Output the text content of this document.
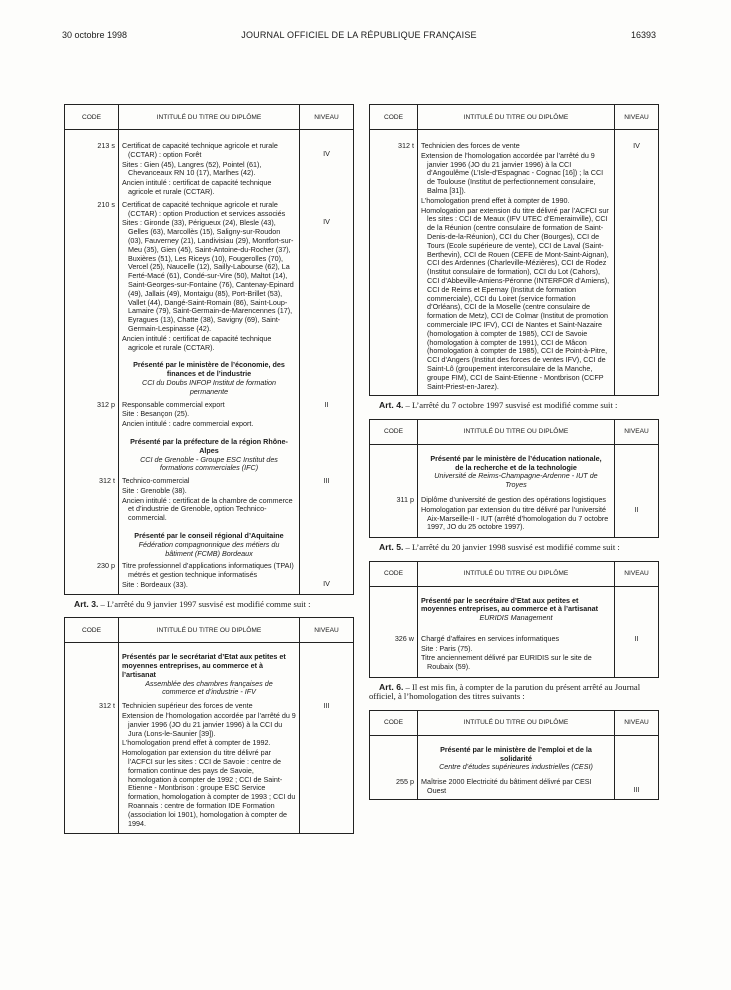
30 octobre 1998	JOURNAL OFFICIEL DE LA RÉPUBLIQUE FRANÇAISE	16393
CODE	INTITULÉ DU TITRE OU DIPLÔME	NIVEAU
213 s	Certificat de capacité technique agricole et rurale (CCTAR) : option Forêt
Sites : Gien (45), Langres (52), Pointel (61), Chevanceaux RN 10 (17), Marlhes (42).
Ancien intitulé : certificat de capacité technique agricole et rurale (CCTAR).	IV
210 s	Certificat de capacité technique agricole et rurale (CCTAR) : option Production et services associés
Sites : Gironde (33), Périgueux (24), Blesle (43), Gelles (63), Marcollès (15), Saligny-sur-Roudon (03), Fauverney (21), Landivisiau (29), Montfort-sur-Meu (35), Gien (45), Saint-Antoine-du-Rocher (37), Buxières (51), Les Riceys (10), Fougerolles (70), Vercel (25), Naucelle (12), Sailly-Labourse (62), La Ferté-Macé (61), Condé-sur-Vire (50), Maltot (14), Saint-Georges-sur-Fontaine (76), Cantenay-Epinard (49), Jallais (49), Montaigu (85), Port-Brillet (53), Vallet (44), Dangé-Saint-Romain (86), Saint-Loup-Lamaire (79), Saint-Germain-de-Marencennes (17), Eyragues (13), Chatte (38), Savigny (69), Saint-Germain-Lespinasse (42).
Ancien intitulé : certificat de capacité technique agricole et rurale (CCTAR).	IV

	Présenté par le ministère de l’économie, des finances et de l’industrie
CCI du Doubs INFOP Institut de formation permanente	

312 p	Responsable commercial export
Site : Besançon (25).
Ancien intitulé : cadre commercial export.	II

	Présenté par la préfecture de la région Rhône-Alpes
CCI de Grenoble - Groupe ESC Institut des formations commerciales (IFC)	

312 t	Technico-commercial
Site : Grenoble (38).
Ancien intitulé : certificat de la chambre de commerce et d’industrie de Grenoble, option Technico-commercial.	III

	Présenté par le conseil régional d’Aquitaine
Fédération compagnonnique des métiers du bâtiment (FCMB) Bordeaux	

230 p	Titre professionnel d’applications informatiques (TPAI) métrés et gestion technique informatisés
Site : Bordeaux (33).	IV

Art. 3. – L’arrêté du 9 janvier 1997 susvisé est modifié comme suit :

CODE	INTITULÉ DU TITRE OU DIPLÔME	NIVEAU

	Présentés par le secrétariat d’Etat aux petites et moyennes entreprises, au commerce et à l’artisanat
Assemblée des chambres françaises de commerce et d’industrie - IFV	

312 t	Technicien supérieur des forces de vente
Extension de l’homologation accordée par l’arrêté du 9 janvier 1996 (JO du 21 janvier 1996) à la CCI du Jura (Lons-le-Saunier [39]).
L’homologation prend effet à compter de 1992.
Homologation par extension du titre délivré par l’ACFCI sur les sites : CCI de Savoie : centre de formation continue des pays de Savoie, homologation à compter de 1992 ; CCI de Saint-Etienne - Montbrison : groupe ESC Service formation, homologation à compter de 1993 ; CCI du Roannais : centre de formation IDE Formation (association loi 1901), homologation à compter de 1994.	III
CODE	INTITULÉ DU TITRE OU DIPLÔME	NIVEAU
312 t	Technicien des forces de vente
Extension de l’homologation accordée par l’arrêté du 9 janvier 1996 (JO du 21 janvier 1996) à la CCI d’Angoulême (L’Isle-d’Espagnac - Cognac [16]) ; la CCI de Toulouse (Institut de perfectionnement consulaire, Balma [31]).
L’homologation prend effet à compter de 1990.
Homologation par extension du titre délivré par l’ACFCI sur les sites : CCI de Meaux (IFV UTEC d’Emerainville), CCI de la Réunion (centre consulaire de formation de Saint-Denis-de-la-Réunion), CCI du Cher (Bourges), CCI de Tours (Ecole supérieure de vente), CCI de Laval (Saint-Berthevin), CCI de Rouen (CEFE de Mont-Saint-Aignan), CCI des Ardennes (Charleville-Mézières), CCI de Rodez (Institut consulaire de formation), CCI du Lot (Cahors), CCI d’Abbeville-Amiens-Péronne (INTERFOR d’Amiens), CCI de Reims et Epernay (Institut de formation commerciale), CCI du Loiret (service formation d’Orléans), CCI de la Moselle (centre consulaire de formation de Metz), CCI de Colmar (Institut de promotion commerciale IPC IFV), CCI de Nantes et Saint-Nazaire (homologation à compter de 1985), CCI de Savoie (homologation à compter de 1991), CCI de Mâcon (homologation à compter de 1985), CCI de Point-à-Pitre, CCI d’Angers (Institut des forces de ventes IFV), CCI de Saint-Lô (groupement interconsulaire de la Manche, groupe FIM), CCI de Saint-Etienne - Montbrison (CCFP Saint-Priest-en-Jarez).	IV

Art. 4. – L’arrêté du 7 octobre 1997 susvisé est modifié comme suit :

CODE	INTITULÉ DU TITRE OU DIPLÔME	NIVEAU

	Présenté par le ministère de l’éducation nationale, de la recherche et de la technologie
Université de Reims-Champagne-Ardenne - IUT de Troyes	

311 p	Diplôme d’université de gestion des opérations logistiques
Homologation par extension du titre délivré par l’université Aix-Marseille-II - IUT (arrêté d’homologation du 7 octobre 1997, JO du 25 octobre 1997).	II

Art. 5. – L’arrêté du 20 janvier 1998 susvisé est modifié comme suit :

CODE	INTITULÉ DU TITRE OU DIPLÔME	NIVEAU

	Présenté par le secrétaire d’Etat aux petites et moyennes entreprises, au commerce et à l’artisanat
EURIDIS Management	

326 w	Chargé d’affaires en services informatiques
Site : Paris (75).
Titre anciennement délivré par EURIDIS sur le site de Roubaix (59).	II

Art. 6. – Il est mis fin, à compter de la parution du présent arrêté au Journal officiel, à l’homologation des titres suivants :

CODE	INTITULÉ DU TITRE OU DIPLÔME	NIVEAU

	Présenté par le ministère de l’emploi et de la solidarité
Centre d’études supérieures industrielles (CESI)	

255 p	Maîtrise 2000 Electricité du bâtiment délivré par CESI Ouest	III
